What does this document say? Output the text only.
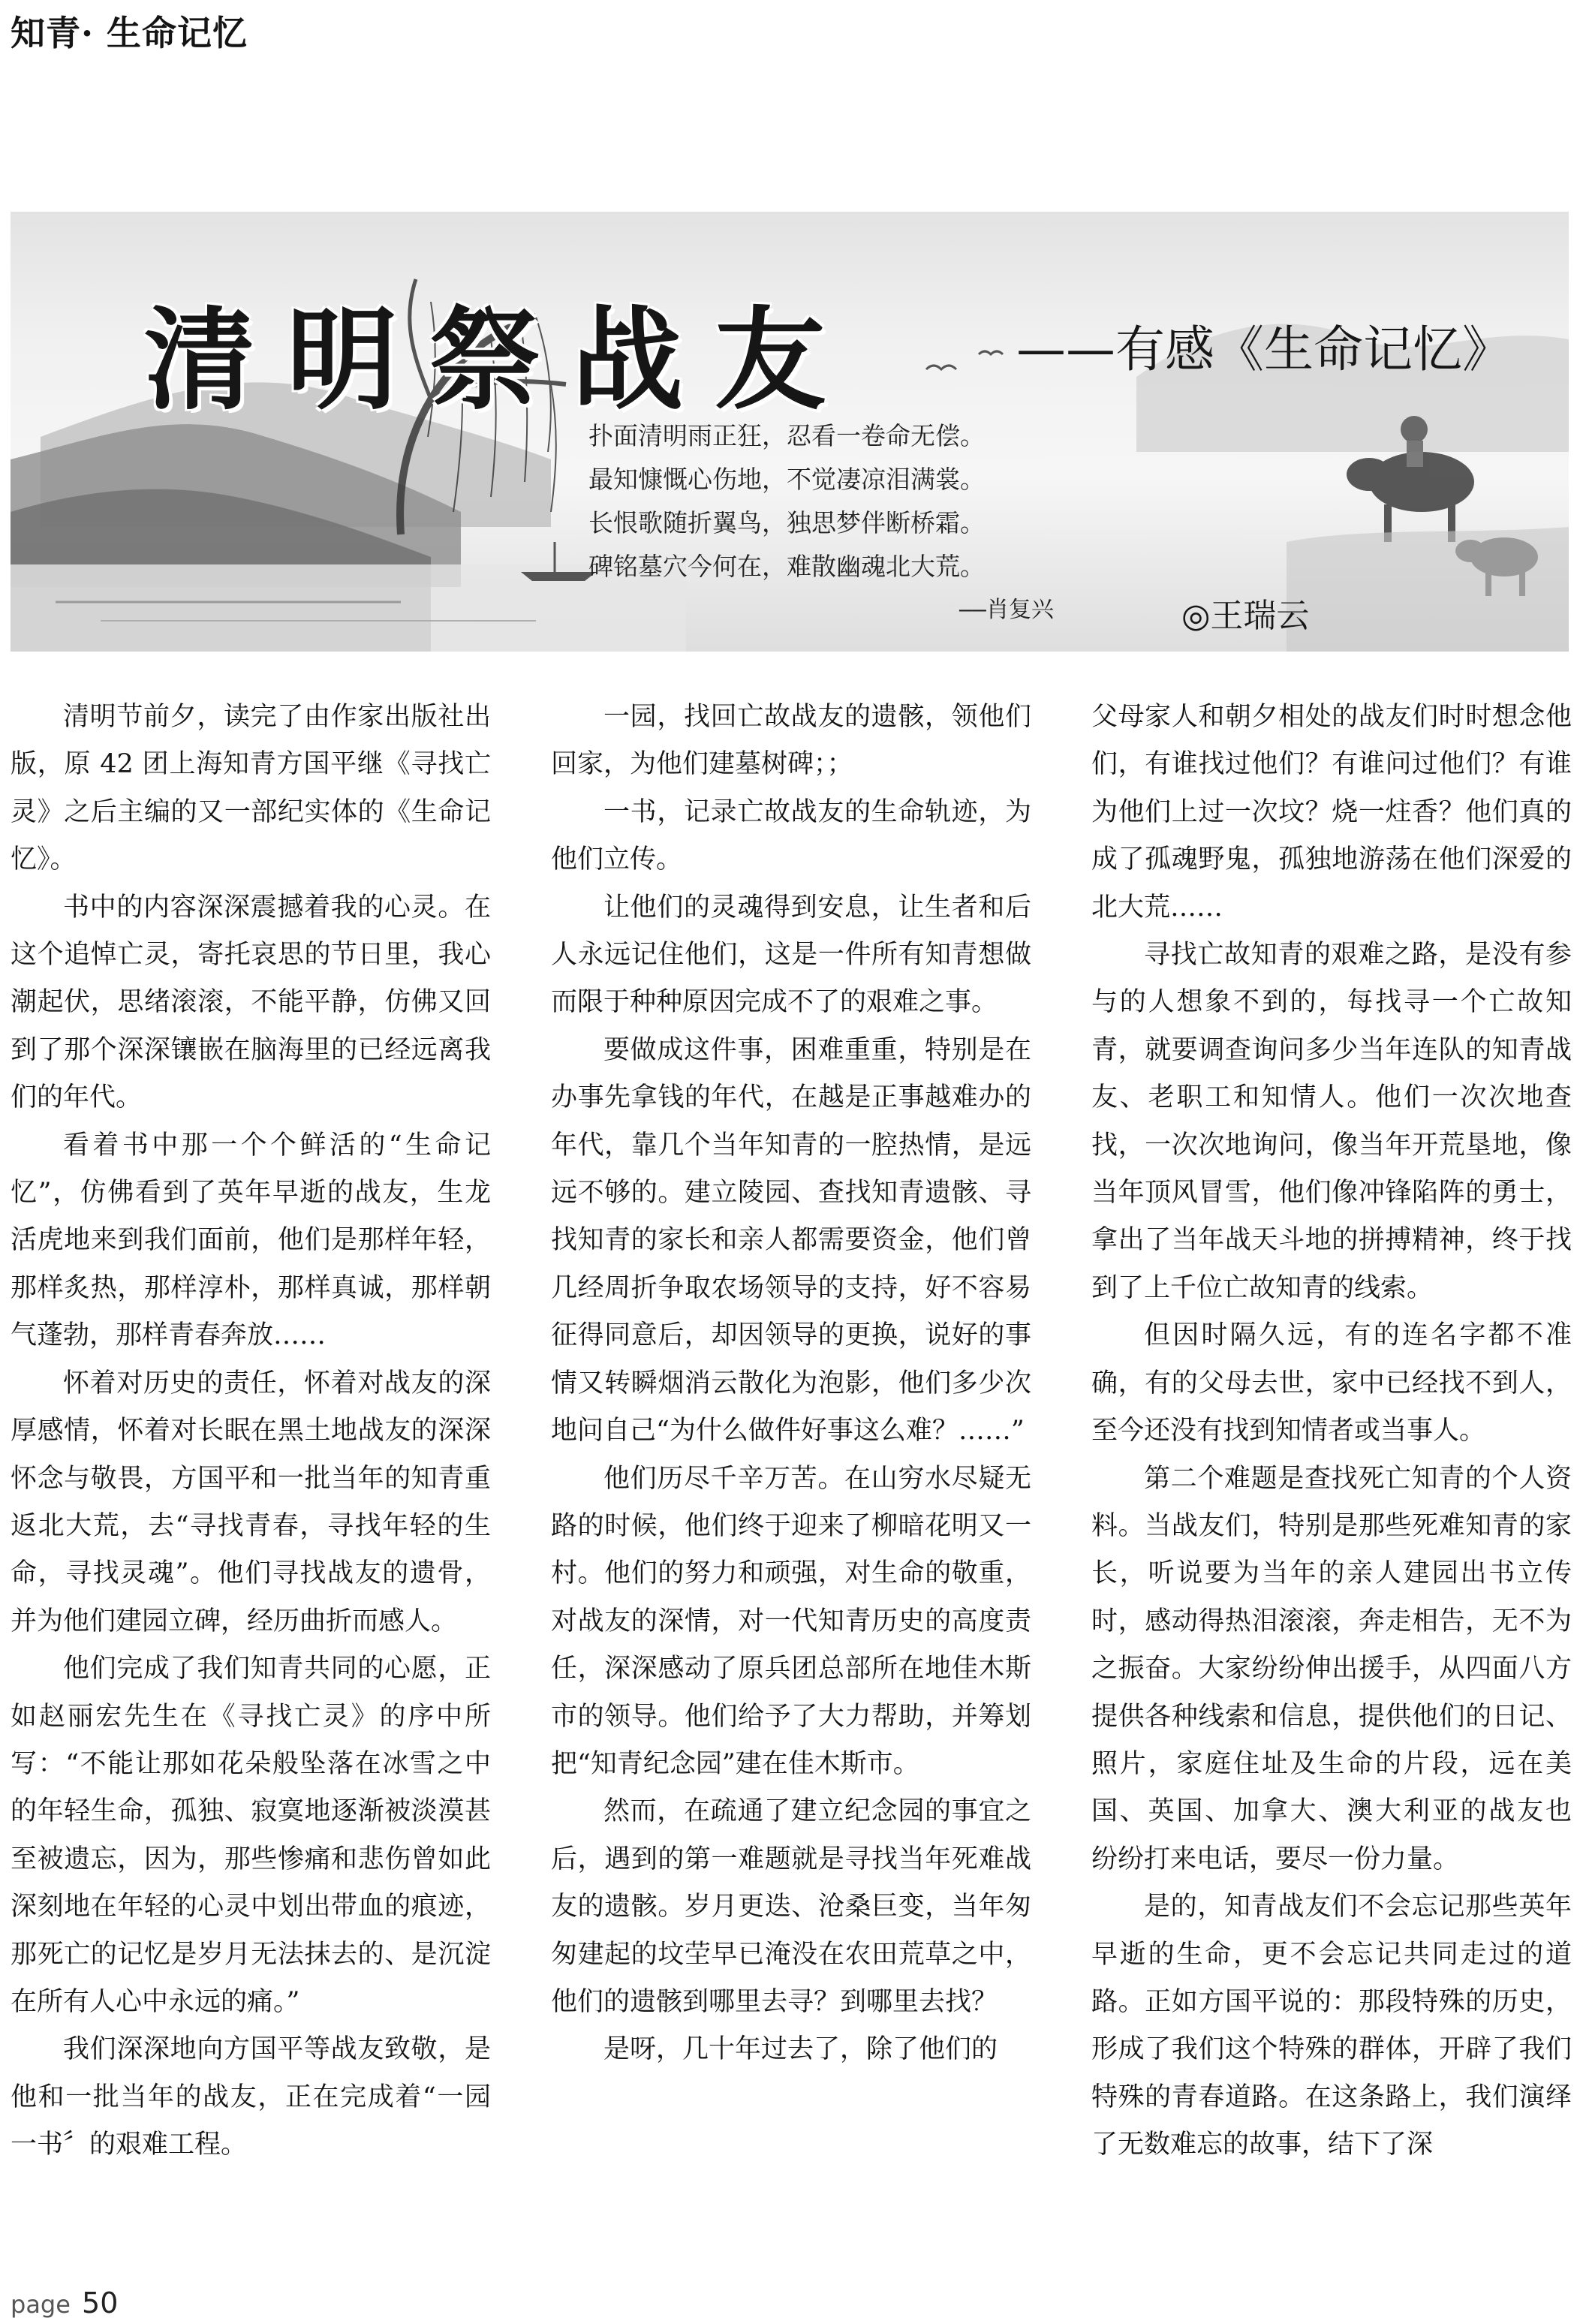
知青· 生命记忆
清明祭战友	——有感《生命记忆》

扑面清明雨正狂，忍看一卷命无偿。

最知慷慨心伤地，不觉凄凉泪满裳。

长恨歌随折翼鸟，独思梦伴断桥霜。

碑铭墓穴今何在，难散幽魂北大荒。

——肖复兴	◎王瑞云

清明节前夕，读完了由作家出版社出版，原 42 团上海知青方国平继《寻找亡灵》之后主编的又一部纪实体的《生命记忆》。

书中的内容深深震撼着我的心灵。在这个追悼亡灵，寄托哀思的节日里，我心潮起伏，思绪滚滚，不能平静，仿佛又回到了那个深深镶嵌在脑海里的已经远离我们的年代。

看着书中那一个个鲜活的“生命记忆”，仿佛看到了英年早逝的战友，生龙活虎地来到我们面前，他们是那样年轻，那样炙热，那样淳朴，那样真诚，那样朝气蓬勃，那样青春奔放……

怀着对历史的责任，怀着对战友的深厚感情，怀着对长眠在黑土地战友的深深怀念与敬畏，方国平和一批当年的知青重返北大荒，去“寻找青春，寻找年轻的生命，寻找灵魂”。他们寻找战友的遗骨，并为他们建园立碑，经历曲折而感人。

他们完成了我们知青共同的心愿，正如赵丽宏先生在《寻找亡灵》的序中所写：“不能让那如花朵般坠落在冰雪之中的年轻生命，孤独、寂寞地逐渐被淡漠甚至被遗忘，因为，那些惨痛和悲伤曾如此深刻地在年轻的心灵中划出带血的痕迹，那死亡的记忆是岁月无法抹去的、是沉淀在所有人心中永远的痛。”

我们深深地向方国平等战友致敬，是他和一批当年的战友，正在完成着“一园一书〞的艰难工程。

一园，找回亡故战友的遗骸，领他们回家，为他们建墓树碑；；

一书，记录亡故战友的生命轨迹，为他们立传。

让他们的灵魂得到安息，让生者和后人永远记住他们，这是一件所有知青想做而限于种种原因完成不了的艰难之事。

要做成这件事，困难重重，特别是在办事先拿钱的年代，在越是正事越难办的年代，靠几个当年知青的一腔热情，是远远不够的。建立陵园、查找知青遗骸、寻找知青的家长和亲人都需要资金，他们曾几经周折争取农场领导的支持，好不容易征得同意后，却因领导的更换，说好的事情又转瞬烟消云散化为泡影，他们多少次地问自己“为什么做件好事这么难？……”

他们历尽千辛万苦。在山穷水尽疑无路的时候，他们终于迎来了柳暗花明又一村。他们的努力和顽强，对生命的敬重，对战友的深情，对一代知青历史的高度责任，深深感动了原兵团总部所在地佳木斯市的领导。他们给予了大力帮助，并筹划把“知青纪念园”建在佳木斯市。

然而，在疏通了建立纪念园的事宜之后，遇到的第一难题就是寻找当年死难战友的遗骸。岁月更迭、沧桑巨变，当年匆匆建起的坟茔早已淹没在农田荒草之中，他们的遗骸到哪里去寻？到哪里去找？

是呀，几十年过去了，除了他们的

父母家人和朝夕相处的战友们时时想念他们，有谁找过他们？有谁问过他们？有谁为他们上过一次坟？烧一炷香？他们真的成了孤魂野鬼，孤独地游荡在他们深爱的北大荒……

寻找亡故知青的艰难之路，是没有参与的人想象不到的，每找寻一个亡故知青，就要调查询问多少当年连队的知青战友、老职工和知情人。他们一次次地查找，一次次地询问，像当年开荒垦地，像当年顶风冒雪，他们像冲锋陷阵的勇士，拿出了当年战天斗地的拼搏精神，终于找到了上千位亡故知青的线索。

但因时隔久远，有的连名字都不准确，有的父母去世，家中已经找不到人，至今还没有找到知情者或当事人。

第二个难题是查找死亡知青的个人资料。当战友们，特别是那些死难知青的家长，听说要为当年的亲人建园出书立传时，感动得热泪滚滚，奔走相告，无不为之振奋。大家纷纷伸出援手，从四面八方提供各种线索和信息，提供他们的日记、照片，家庭住址及生命的片段，远在美国、英国、加拿大、澳大利亚的战友也 纷纷打来电话，要尽一份力量。

是的，知青战友们不会忘记那些英年早逝的生命，更不会忘记共同走过的道路。正如方国平说的：那段特殊的历史，形成了我们这个特殊的群体，开辟了我们特殊的青春道路。在这条路上，我们演绎了无数难忘的故事，结下了深

page 50
